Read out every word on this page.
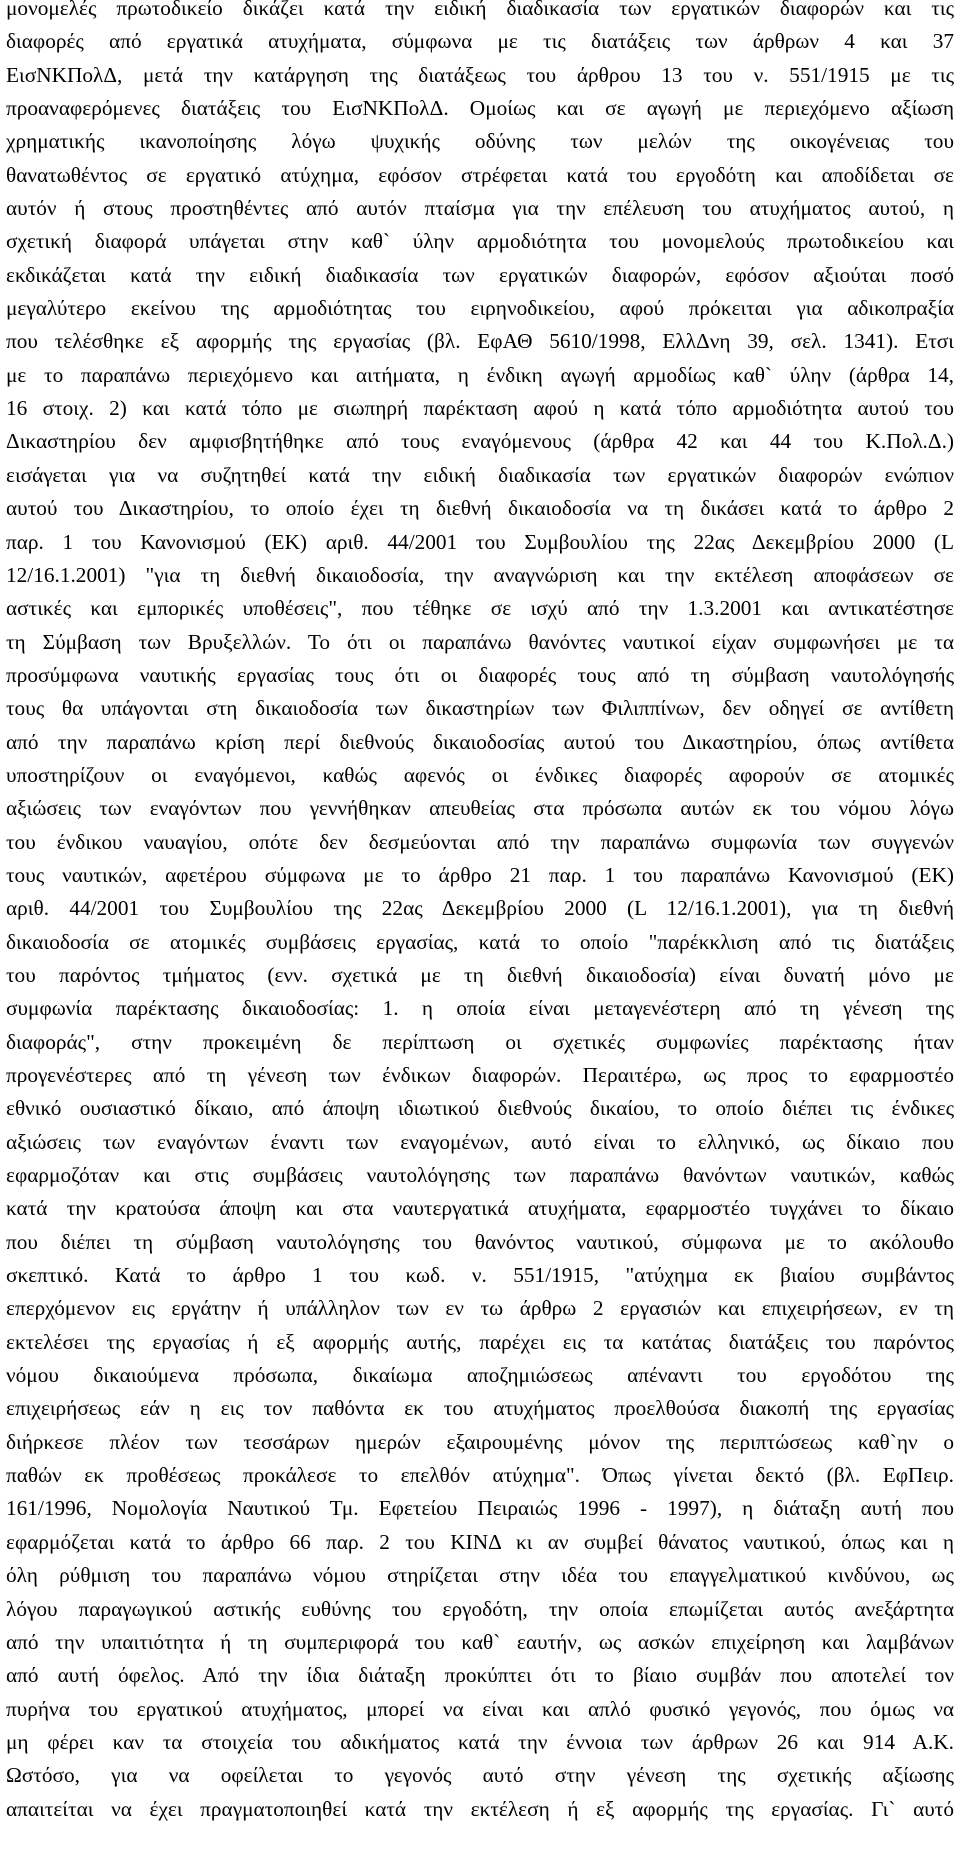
μονομελές πρωτοδικείο δικάζει κατά την ειδική διαδικασία των εργατικών διαφορών και τις
διαφορές από εργατικά ατυχήματα, σύμφωνα με τις διατάξεις των άρθρων 4 και 37
ΕισΝΚΠολΔ, μετά την κατάργηση της διατάξεως του άρθρου 13 του ν. 551/1915 με τις
προαναφερόμενες διατάξεις του ΕισΝΚΠολΔ. Ομοίως και σε αγωγή με περιεχόμενο αξίωση
χρηματικής ικανοποίησης λόγω ψυχικής οδύνης των μελών της οικογένειας του
θανατωθέντος σε εργατικό ατύχημα, εφόσον στρέφεται κατά του εργοδότη και αποδίδεται σε
αυτόν ή στους προστηθέντες από αυτόν πταίσμα για την επέλευση του ατυχήματος αυτού, η
σχετική διαφορά υπάγεται στην καθ` ύλην αρμοδιότητα του μονομελούς πρωτοδικείου και
εκδικάζεται κατά την ειδική διαδικασία των εργατικών διαφορών, εφόσον αξιούται ποσό
μεγαλύτερο εκείνου της αρμοδιότητας του ειρηνοδικείου, αφού πρόκειται για αδικοπραξία
που τελέσθηκε εξ αφορμής της εργασίας (βλ. ΕφΑΘ 5610/1998, ΕλλΔνη 39, σελ. 1341). Ετσι
με το παραπάνω περιεχόμενο και αιτήματα, η ένδικη αγωγή αρμοδίως καθ` ύλην (άρθρα 14,
16 στοιχ. 2) και κατά τόπο με σιωπηρή παρέκταση αφού η κατά τόπο αρμοδιότητα αυτού του
Δικαστηρίου δεν αμφισβητήθηκε από τους εναγόμενους (άρθρα 42 και 44 του Κ.Πολ.Δ.)
εισάγεται για να συζητηθεί κατά την ειδική διαδικασία των εργατικών διαφορών ενώπιον
αυτού του Δικαστηρίου, το οποίο έχει τη διεθνή δικαιοδοσία να τη δικάσει κατά το άρθρο 2
παρ. 1 του Κανονισμού (ΕΚ) αριθ. 44/2001 του Συμβουλίου της 22ας Δεκεμβρίου 2000 (L
12/16.1.2001) "για τη διεθνή δικαιοδοσία, την αναγνώριση και την εκτέλεση αποφάσεων σε
αστικές και εμπορικές υποθέσεις", που τέθηκε σε ισχύ από την 1.3.2001 και αντικατέστησε
τη Σύμβαση των Βρυξελλών. Το ότι οι παραπάνω θανόντες ναυτικοί είχαν συμφωνήσει με τα
προσύμφωνα ναυτικής εργασίας τους ότι οι διαφορές τους από τη σύμβαση ναυτολόγησής
τους θα υπάγονται στη δικαιοδοσία των δικαστηρίων των Φιλιππίνων, δεν οδηγεί σε αντίθετη
από την παραπάνω κρίση περί διεθνούς δικαιοδοσίας αυτού του Δικαστηρίου, όπως αντίθετα
υποστηρίζουν οι εναγόμενοι, καθώς αφενός οι ένδικες διαφορές αφορούν σε ατομικές
αξιώσεις των εναγόντων που γεννήθηκαν απευθείας στα πρόσωπα αυτών εκ του νόμου λόγω
του ένδικου ναυαγίου, οπότε δεν δεσμεύονται από την παραπάνω συμφωνία των συγγενών
τους ναυτικών, αφετέρου σύμφωνα με το άρθρο 21 παρ. 1 του παραπάνω Κανονισμού (ΕΚ)
αριθ. 44/2001 του Συμβουλίου της 22ας Δεκεμβρίου 2000 (L 12/16.1.2001), για τη διεθνή
δικαιοδοσία σε ατομικές συμβάσεις εργασίας, κατά το οποίο "παρέκκλιση από τις διατάξεις
του παρόντος τμήματος (ενν. σχετικά με τη διεθνή δικαιοδοσία) είναι δυνατή μόνο με
συμφωνία παρέκτασης δικαιοδοσίας: 1. η οποία είναι μεταγενέστερη από τη γένεση της
διαφοράς", στην προκειμένη δε περίπτωση οι σχετικές συμφωνίες παρέκτασης ήταν
προγενέστερες από τη γένεση των ένδικων διαφορών. Περαιτέρω, ως προς το εφαρμοστέο
εθνικό ουσιαστικό δίκαιο, από άποψη ιδιωτικού διεθνούς δικαίου, το οποίο διέπει τις ένδικες
αξιώσεις των εναγόντων έναντι των εναγομένων, αυτό είναι το ελληνικό, ως δίκαιο που
εφαρμοζόταν και στις συμβάσεις ναυτολόγησης των παραπάνω θανόντων ναυτικών, καθώς
κατά την κρατούσα άποψη και στα ναυτεργατικά ατυχήματα, εφαρμοστέο τυγχάνει το δίκαιο
που διέπει τη σύμβαση ναυτολόγησης του θανόντος ναυτικού, σύμφωνα με το ακόλουθο
σκεπτικό. Κατά το άρθρο 1 του κωδ. ν. 551/1915, "ατύχημα εκ βιαίου συμβάντος
επερχόμενον εις εργάτην ή υπάλληλον των εν τω άρθρω 2 εργασιών και επιχειρήσεων, εν τη
εκτελέσει της εργασίας ή εξ αφορμής αυτής, παρέχει εις τα κατάτας διατάξεις του παρόντος
νόμου δικαιούμενα πρόσωπα, δικαίωμα αποζημιώσεως απέναντι του εργοδότου της
επιχειρήσεως εάν η εις τον παθόντα εκ του ατυχήματος προελθούσα διακοπή της εργασίας
διήρκεσε πλέον των τεσσάρων ημερών εξαιρουμένης μόνον της περιπτώσεως καθ`ην ο
παθών εκ προθέσεως προκάλεσε το επελθόν ατύχημα". Όπως γίνεται δεκτό (βλ. ΕφΠειρ.
161/1996, Νομολογία Ναυτικού Τμ. Εφετείου Πειραιώς 1996 - 1997), η διάταξη αυτή που
εφαρμόζεται κατά το άρθρο 66 παρ. 2 του ΚΙΝΔ κι αν συμβεί θάνατος ναυτικού, όπως και η
όλη ρύθμιση του παραπάνω νόμου στηρίζεται στην ιδέα του επαγγελματικού κινδύνου, ως
λόγου παραγωγικού αστικής ευθύνης του εργοδότη, την οποία επωμίζεται αυτός ανεξάρτητα
από την υπαιτιότητα ή τη συμπεριφορά του καθ` εαυτήν, ως ασκών επιχείρηση και λαμβάνων
από αυτή όφελος. Από την ίδια διάταξη προκύπτει ότι το βίαιο συμβάν που αποτελεί τον
πυρήνα του εργατικού ατυχήματος, μπορεί να είναι και απλό φυσικό γεγονός, που όμως να
μη φέρει καν τα στοιχεία του αδικήματος κατά την έννοια των άρθρων 26 και 914 Α.Κ.
Ωστόσο, για να οφείλεται το γεγονός αυτό στην γένεση της σχετικής αξίωσης
απαιτείται να έχει πραγματοποιηθεί κατά την εκτέλεση ή εξ αφορμής της εργασίας. Γι` αυτό
